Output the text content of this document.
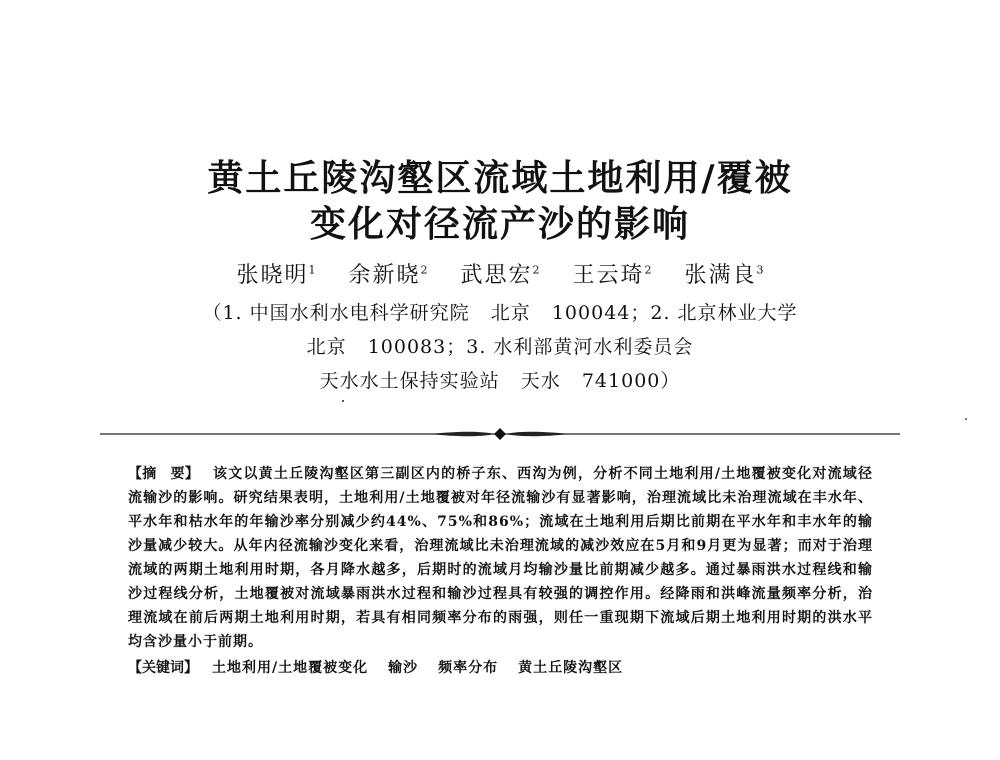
黄土丘陵沟壑区流域土地利用/覆被
变化对径流产沙的影响
张晓明$^1$ 余新晓$^2$ 武思宏$^2$ 王云琦$^2$ 张满良$^3$
（1. 中国水利水电科学研究院   北京   100044；2. 北京林业大学
北京   100083；3. 水利部黄河水利委员会
天水水土保持实验站   天水   741000）

【摘　要】 该文以黄土丘陵沟壑区第三副区内的桥子东、西沟为例，分析不同土地利用/土地覆被变化对流域径流输沙的影响。研究结果表明，土地利用/土地覆被对年径流输沙有显著影响，治理流域比未治理流域在丰水年、平水年和枯水年的年输沙率分别减少约44%、75%和86%；流域在土地利用后期比前期在平水年和丰水年的输沙量减少较大。从年内径流输沙变化来看，治理流域比未治理流域的减沙效应在5月和9月更为显著；而对于治理流域的两期土地利用时期，各月降水越多，后期时的流域月均输沙量比前期减少越多。通过暴雨洪水过程线和输沙过程线分析，土地覆被对流域暴雨洪水过程和输沙过程具有较强的调控作用。经降雨和洪峰流量频率分析，治理流域在前后两期土地利用时期，若具有相同频率分布的雨强，则任一重现期下流域后期土地利用时期的洪水平均含沙量小于前期。

【关键词】 土地利用/土地覆被变化 输沙 频率分布 黄土丘陵沟壑区
